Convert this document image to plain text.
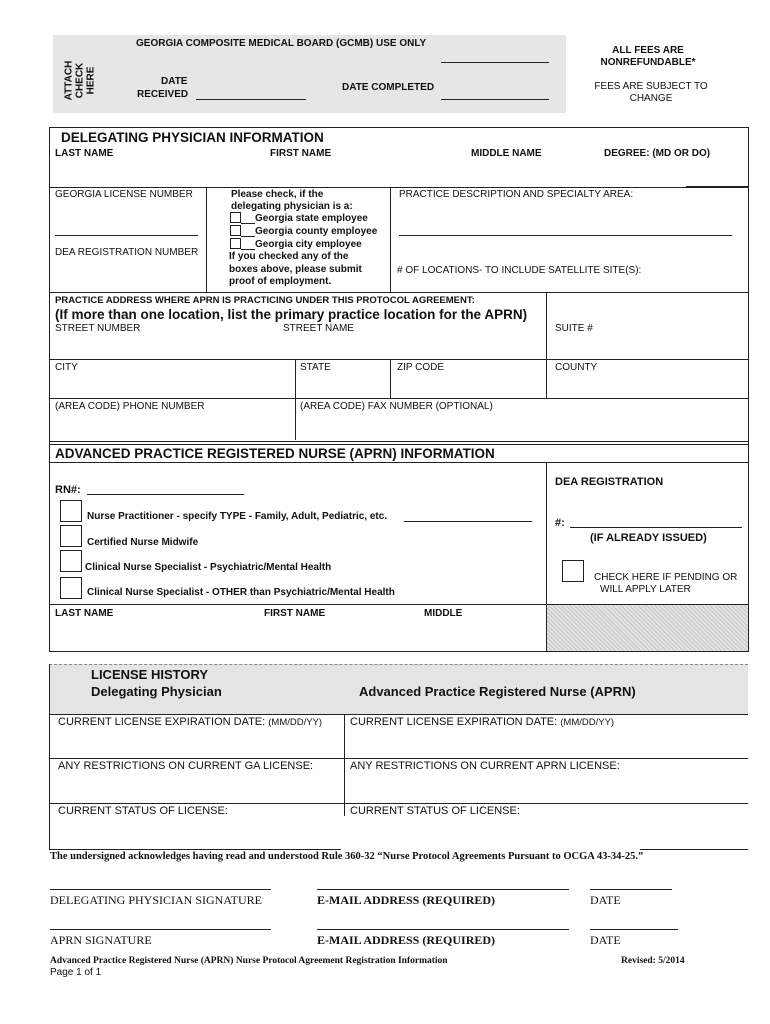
ATTACH CHECK HERE
GEORGIA COMPOSITE MEDICAL BOARD (GCMB) USE ONLY
DATE
RECEIVED
DATE COMPLETED
ALL FEES ARE
NONREFUNDABLE*
FEES ARE SUBJECT TO
CHANGE
DELEGATING PHYSICIAN INFORMATION
LAST NAME	FIRST NAME	MIDDLE NAME	DEGREE: (MD OR DO)
GEORGIA LICENSE NUMBER
DEA REGISTRATION NUMBER
Please check, if the
delegating physician is a:
Georgia state employee
Georgia county employee
Georgia city employee
If you checked any of the
boxes above, please submit
proof of employment.
PRACTICE DESCRIPTION AND SPECIALTY AREA:
# OF LOCATIONS- TO INCLUDE SATELLITE SITE(S):
PRACTICE ADDRESS WHERE APRN IS PRACTICING UNDER THIS PROTOCOL AGREEMENT:
(If more than one location, list the primary practice location for the APRN)
STREET NUMBER	STREET NAME	SUITE #
CITY	STATE	ZIP CODE	COUNTY
(AREA CODE) PHONE NUMBER	(AREA CODE) FAX NUMBER (OPTIONAL)
ADVANCED PRACTICE REGISTERED NURSE (APRN) INFORMATION
RN#:
Nurse Practitioner - specify TYPE - Family, Adult, Pediatric, etc.
Certified Nurse Midwife
Clinical Nurse Specialist - Psychiatric/Mental Health
Clinical Nurse Specialist - OTHER than Psychiatric/Mental Health
DEA REGISTRATION
#:
(IF ALREADY ISSUED)
CHECK HERE IF PENDING OR
WILL APPLY LATER
LAST NAME	FIRST NAME	MIDDLE
LICENSE HISTORY
Delegating Physician	Advanced Practice Registered Nurse (APRN)
CURRENT LICENSE EXPIRATION DATE: (MM/DD/YY)	CURRENT LICENSE EXPIRATION DATE: (MM/DD/YY)
ANY RESTRICTIONS ON CURRENT GA LICENSE:	ANY RESTRICTIONS ON CURRENT APRN LICENSE:
CURRENT STATUS OF LICENSE:	CURRENT STATUS OF LICENSE:
The undersigned acknowledges having read and understood Rule 360-32 “Nurse Protocol Agreements Pursuant to OCGA 43-34-25.”
DELEGATING PHYSICIAN SIGNATURE	E-MAIL ADDRESS (REQUIRED)	DATE
APRN SIGNATURE	E-MAIL ADDRESS (REQUIRED)	DATE
Advanced Practice Registered Nurse (APRN) Nurse Protocol Agreement Registration Information	Revised: 5/2014
Page 1 of 1
